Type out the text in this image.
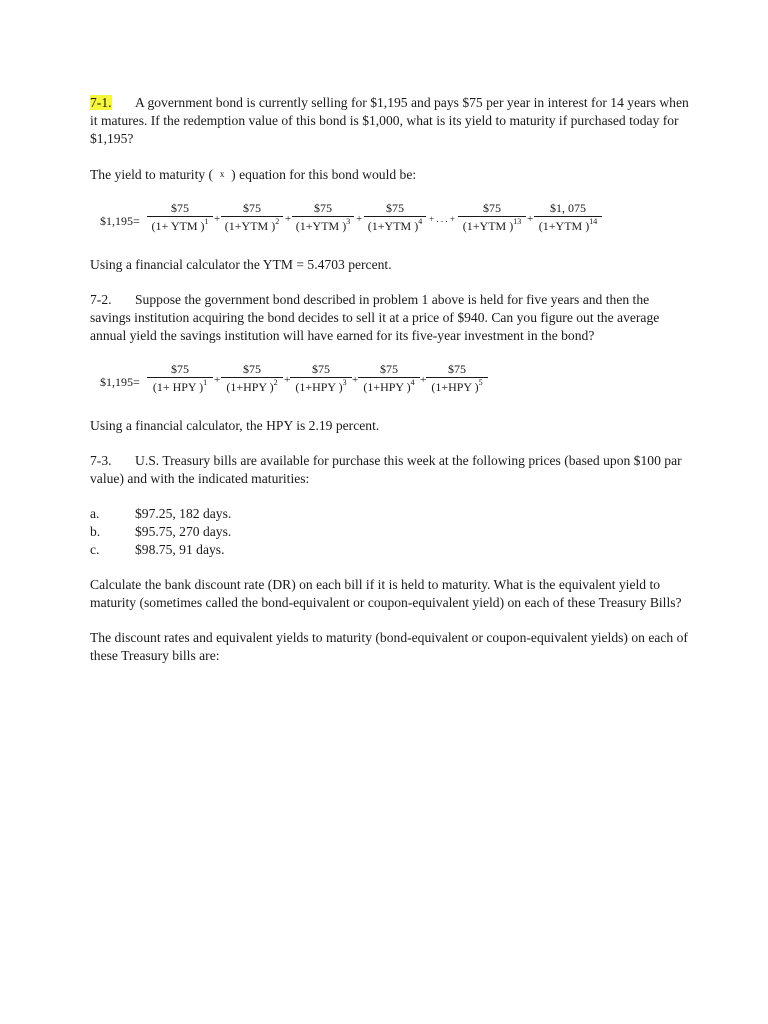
7-1. A government bond is currently selling for $1,195 and pays $75 per year in interest for 14 years when it matures. If the redemption value of this bond is $1,000, what is its yield to maturity if purchased today for $1,195?

The yield to maturity ( x ) equation for this bond would be:

$1,195=
$75
(1+ YTM )$^1$ +
$75
(1+YTM )$^2$ +
$75
(1+YTM )$^3$ +
$75
(1+YTM )$^4$ + . . . +
$75
(1+YTM )$^{13}$ +
$1, 075
(1+YTM )$^{14}$

Using a financial calculator the YTM = 5.4703 percent.

7-2. Suppose the government bond described in problem 1 above is held for five years and then the savings institution acquiring the bond decides to sell it at a price of $940. Can you figure out the average annual yield the savings institution will have earned for its five-year investment in the bond?

$1,195=
$75
(1+ HPY )$^1$ +
$75
(1+HPY )$^2$ +
$75
(1+HPY )$^3$ +
$75
(1+HPY )$^4$ +
$75
(1+HPY )$^5$

Using a financial calculator, the HPY is 2.19 percent.

7-3. U.S. Treasury bills are available for purchase this week at the following prices (based upon $100 par value) and with the indicated maturities:

a.	$97.25, 182 days.
b.	$95.75, 270 days.
c.	$98.75, 91 days.

Calculate the bank discount rate (DR) on each bill if it is held to maturity. What is the equivalent yield to maturity (sometimes called the bond-equivalent or coupon-equivalent yield) on each of these Treasury Bills?

The discount rates and equivalent yields to maturity (bond-equivalent or coupon-equivalent yields) on each of these Treasury bills are:
